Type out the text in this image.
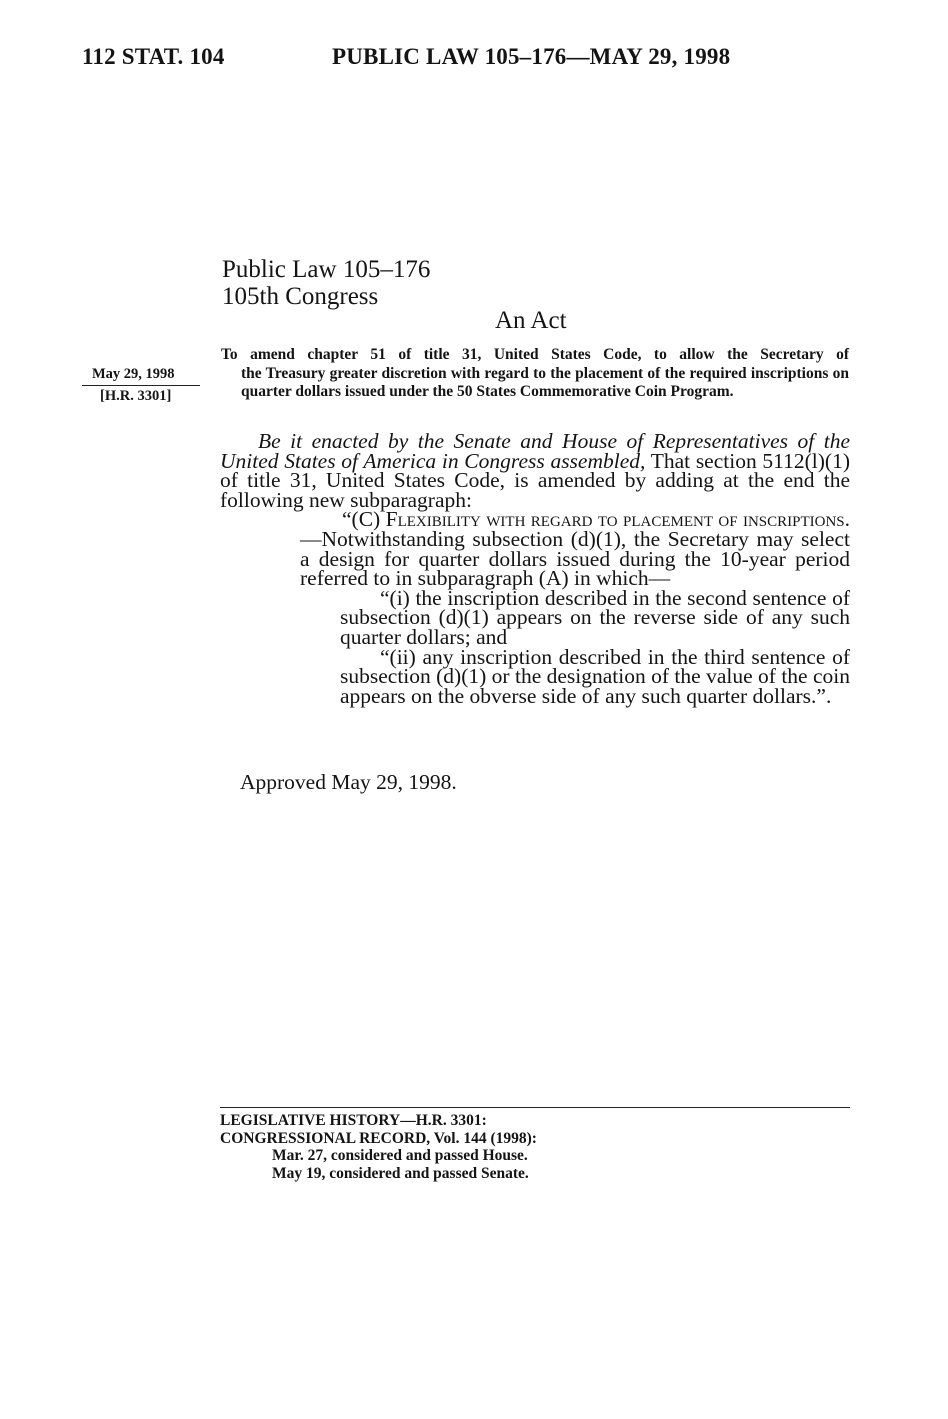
112 STAT. 104	PUBLIC LAW 105–176—MAY 29, 1998
Public Law 105–176
105th Congress
An Act
May 29, 1998
[H.R. 3301]
To amend chapter 51 of title 31, United States Code, to allow the Secretary of
the Treasury greater discretion with regard to the placement of the required inscriptions on quarter dollars issued under the 50 States Commemorative Coin Program.

Be it enacted by the Senate and House of Representatives of the United States of America in Congress assembled, That section 5112(l)(1) of title 31, United States Code, is amended by adding at the end the following new subparagraph:

“(C) Flexibility with regard to placement of inscriptions.—Notwithstanding subsection (d)(1), the Secretary may select a design for quarter dollars issued during the 10-year period referred to in subparagraph (A) in which—

“(i) the inscription described in the second sentence of subsection (d)(1) appears on the reverse side of any such quarter dollars; and

“(ii) any inscription described in the third sentence of subsection (d)(1) or the designation of the value of the coin appears on the obverse side of any such quarter dollars.”.

Approved May 29, 1998.
LEGISLATIVE HISTORY—H.R. 3301:
CONGRESSIONAL RECORD, Vol. 144 (1998):
Mar. 27, considered and passed House.
May 19, considered and passed Senate.
